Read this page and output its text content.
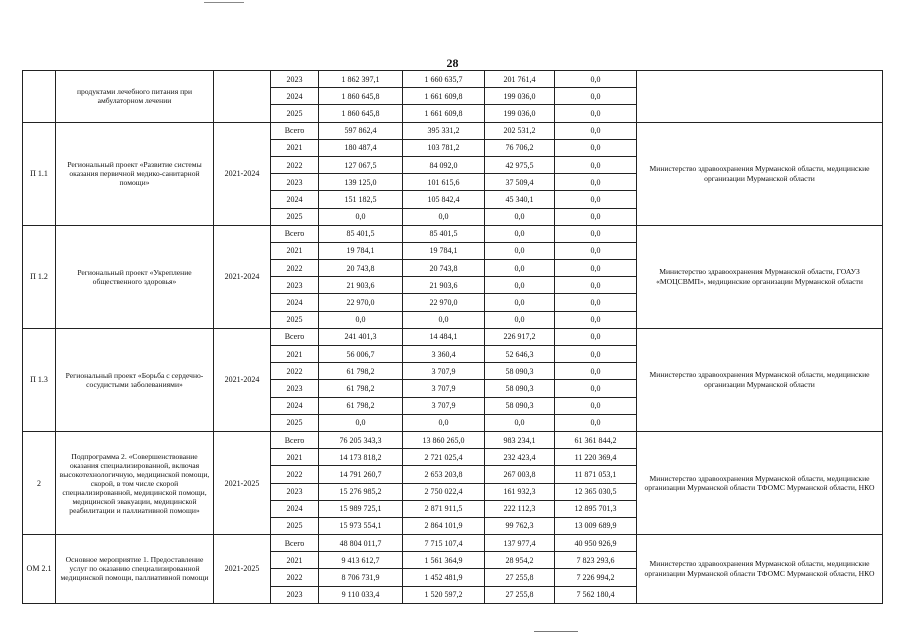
28
	продуктами лечебного питания при амбулаторном лечении		2023	1 862 397,1	1 660 635,7	201 761,4	0,0	
			2024	1 860 645,8	1 661 609,8	199 036,0	0,0	
			2025	1 860 645,8	1 661 609,8	199 036,0	0,0	
П 1.1	Региональный проект «Развитие системы оказания первичной медико-санитарной помощи»	2021-2024	Всего	597 862,4	395 331,2	202 531,2	0,0	Министерство здравоохранения Мурманской области, медицинские организации Мурманской области
			2021	180 487,4	103 781,2	76 706,2	0,0	
			2022	127 067,5	84 092,0	42 975,5	0,0	
			2023	139 125,0	101 615,6	37 509,4	0,0	
			2024	151 182,5	105 842,4	45 340,1	0,0	
			2025	0,0	0,0	0,0	0,0	
П 1.2	Региональный проект «Укрепление общественного здоровья»	2021-2024	Всего	85 401,5	85 401,5	0,0	0,0	Министерство здравоохранения Мурманской области, ГОАУЗ «МОЦСВМП», медицинские организации Мурманской области
			2021	19 784,1	19 784,1	0,0	0,0	
			2022	20 743,8	20 743,8	0,0	0,0	
			2023	21 903,6	21 903,6	0,0	0,0	
			2024	22 970,0	22 970,0	0,0	0,0	
			2025	0,0	0,0	0,0	0,0	
П 1.3	Региональный проект «Борьба с сердечно-сосудистыми заболеваниями»	2021-2024	Всего	241 401,3	14 484,1	226 917,2	0,0	Министерство здравоохранения Мурманской области, медицинские организации Мурманской области
			2021	56 006,7	3 360,4	52 646,3	0,0	
			2022	61 798,2	3 707,9	58 090,3	0,0	
			2023	61 798,2	3 707,9	58 090,3	0,0	
			2024	61 798,2	3 707,9	58 090,3	0,0	
			2025	0,0	0,0	0,0	0,0	
2	Подпрограмма 2. «Совершенствование оказания специализированной, включая высокотехнологичную, медицинской помощи, скорой, в том числе скорой специализированной, медицинской помощи, медицинской эвакуации, медицинской реабилитации и паллиативной помощи»	2021-2025	Всего	76 205 343,3	13 860 265,0	983 234,1	61 361 844,2	Министерство здравоохранения Мурманской области, медицинские организации Мурманской области ТФОМС Мурманской области, НКО
			2021	14 173 818,2	2 721 025,4	232 423,4	11 220 369,4	
			2022	14 791 260,7	2 653 203,8	267 003,8	11 871 053,1	
			2023	15 276 985,2	2 750 022,4	161 932,3	12 365 030,5	
			2024	15 989 725,1	2 871 911,5	222 112,3	12 895 701,3	
			2025	15 973 554,1	2 864 101,9	99 762,3	13 009 689,9	
ОМ 2.1	Основное мероприятие 1. Предоставление услуг по оказанию специализированной медицинской помощи, паллиативной помощи	2021-2025	Всего	48 804 011,7	7 715 107,4	137 977,4	40 950 926,9	Министерство здравоохранения Мурманской области, медицинские организации Мурманской области ТФОМС Мурманской области, НКО
			2021	9 413 612,7	1 561 364,9	28 954,2	7 823 293,6	
			2022	8 706 731,9	1 452 481,9	27 255,8	7 226 994,2	
			2023	9 110 033,4	1 520 597,2	27 255,8	7 562 180,4	
